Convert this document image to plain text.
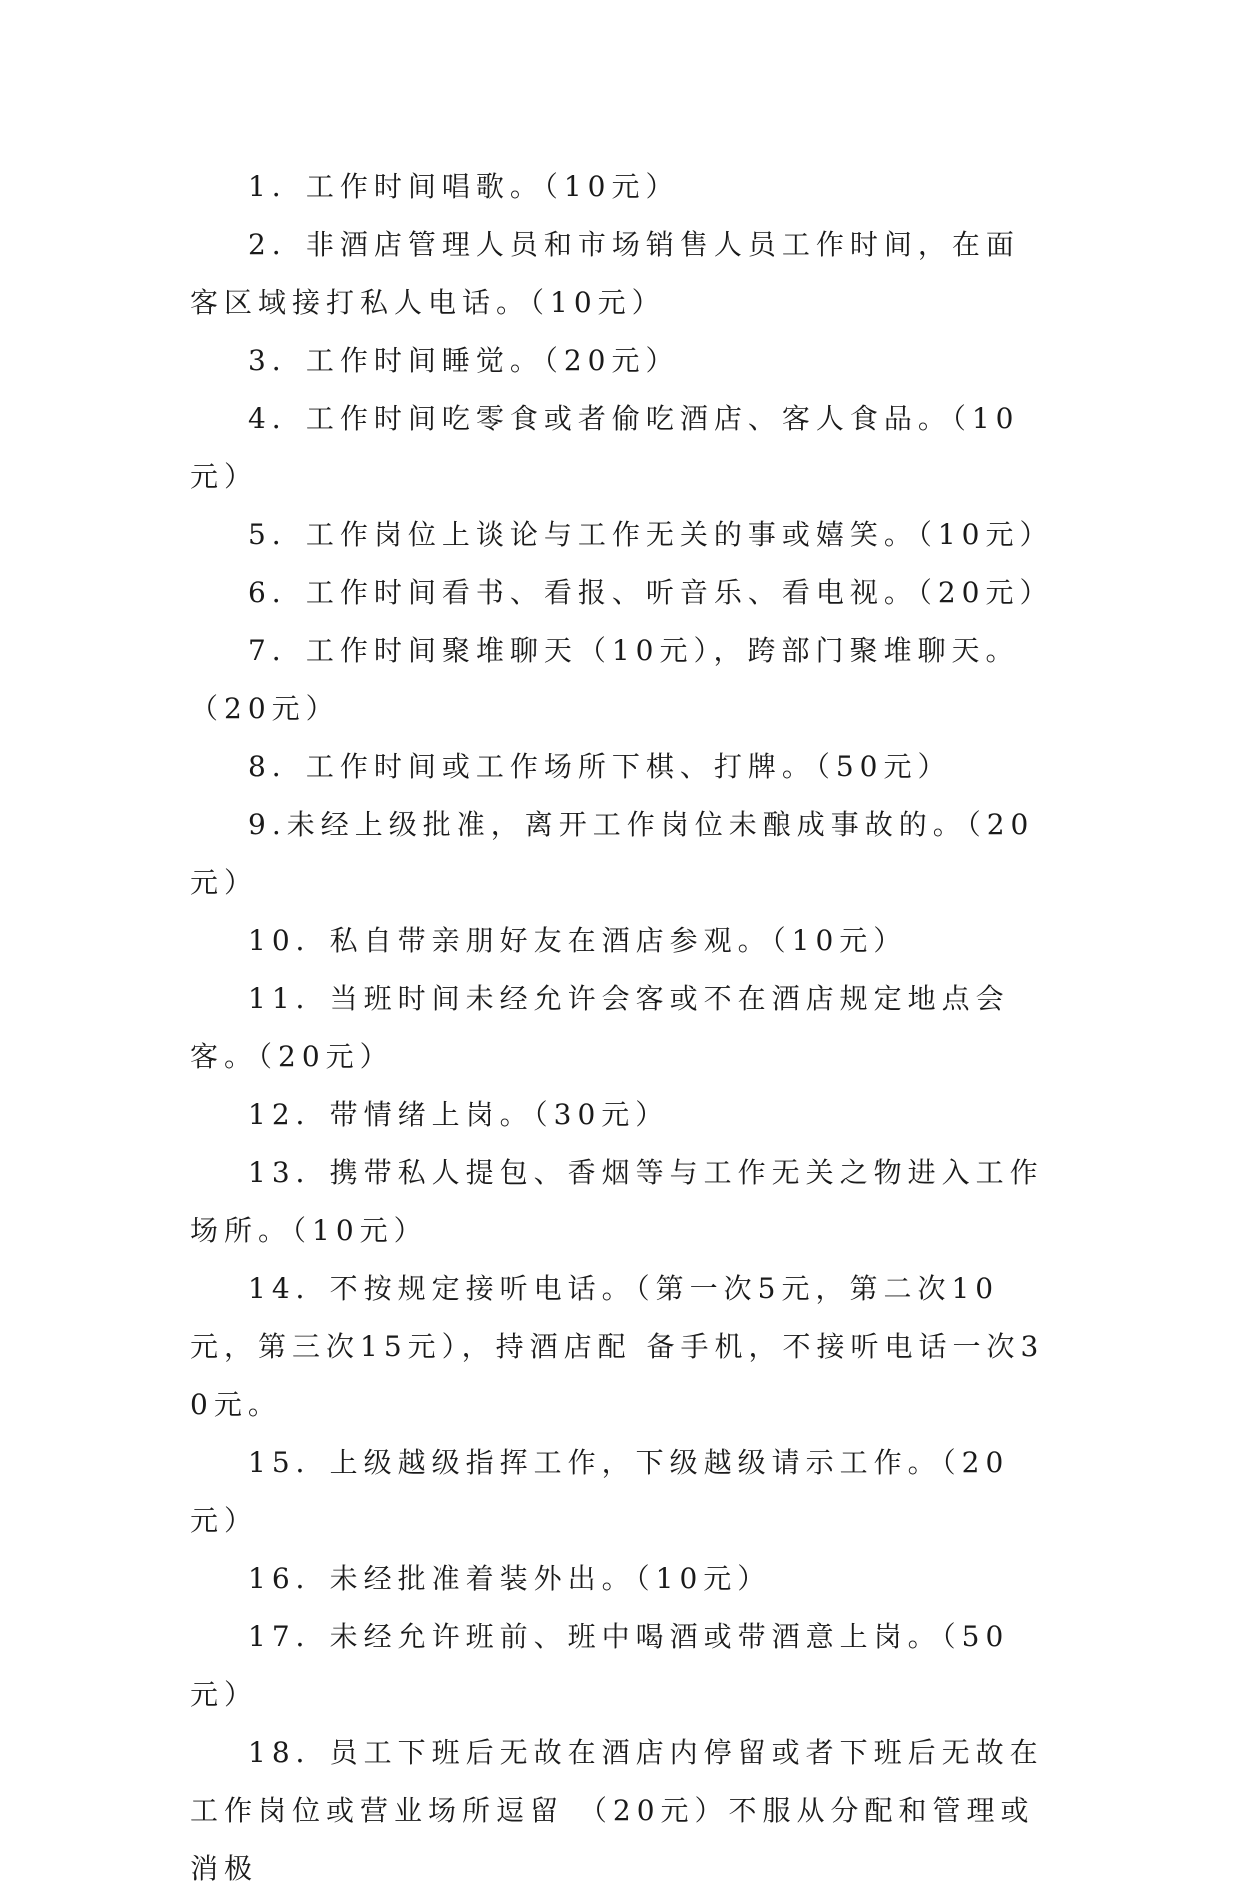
1．工作时间唱歌。（10元）

2．非酒店管理人员和市场销售人员工作时间，在面客区域接打私人电话。（10元）

3．工作时间睡觉。（20元）

4．工作时间吃零食或者偷吃酒店、客人食品。（10元）

5．工作岗位上谈论与工作无关的事或嬉笑。（10元）

6．工作时间看书、看报、听音乐、看电视。（20元）

7．工作时间聚堆聊天（10元），跨部门聚堆聊天。（20元）

8．工作时间或工作场所下棋、打牌。（50元）

9.未经上级批准，离开工作岗位未酿成事故的。（20元）

10．私自带亲朋好友在酒店参观。（10元）

11．当班时间未经允许会客或不在酒店规定地点会客。（20元）

12．带情绪上岗。（30元）

13．携带私人提包、香烟等与工作无关之物进入工作场所。（10元）

14．不按规定接听电话。（第一次5元，第二次10元，第三次15元），持酒店配 备手机，不接听电话一次30元。

15．上级越级指挥工作，下级越级请示工作。（20元）

16．未经批准着装外出。（10元）

17．未经允许班前、班中喝酒或带酒意上岗。（50元）

18．员工下班后无故在酒店内停留或者下班后无故在工作岗位或营业场所逗留 （20元）不服从分配和管理或消极
